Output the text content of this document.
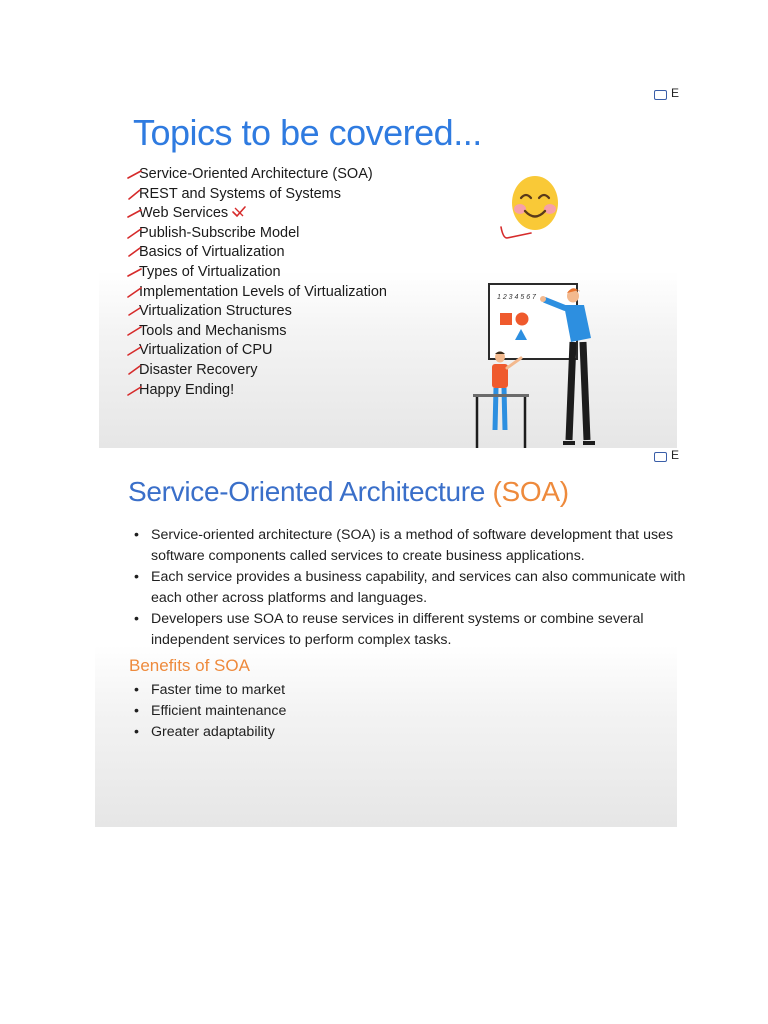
E
Topics to be covered...
Service-Oriented Architecture (SOA)
REST and Systems of Systems
Web Services
Publish-Subscribe Model
Basics of Virtualization
Types of Virtualization
Implementation Levels of Virtualization
Virtualization Structures
Tools and Mechanisms
Virtualization of CPU
Disaster Recovery
Happy Ending!
1 2 3 4 5 6 7
E
Service-Oriented Architecture (SOA)
• Service-oriented architecture (SOA) is a method of software development that uses software components called services to create business applications.
• Each service provides a business capability, and services can also communicate with each other across platforms and languages.
• Developers use SOA to reuse services in different systems or combine several independent services to perform complex tasks.
Benefits of SOA
• Faster time to market
• Efficient maintenance
• Greater adaptability
